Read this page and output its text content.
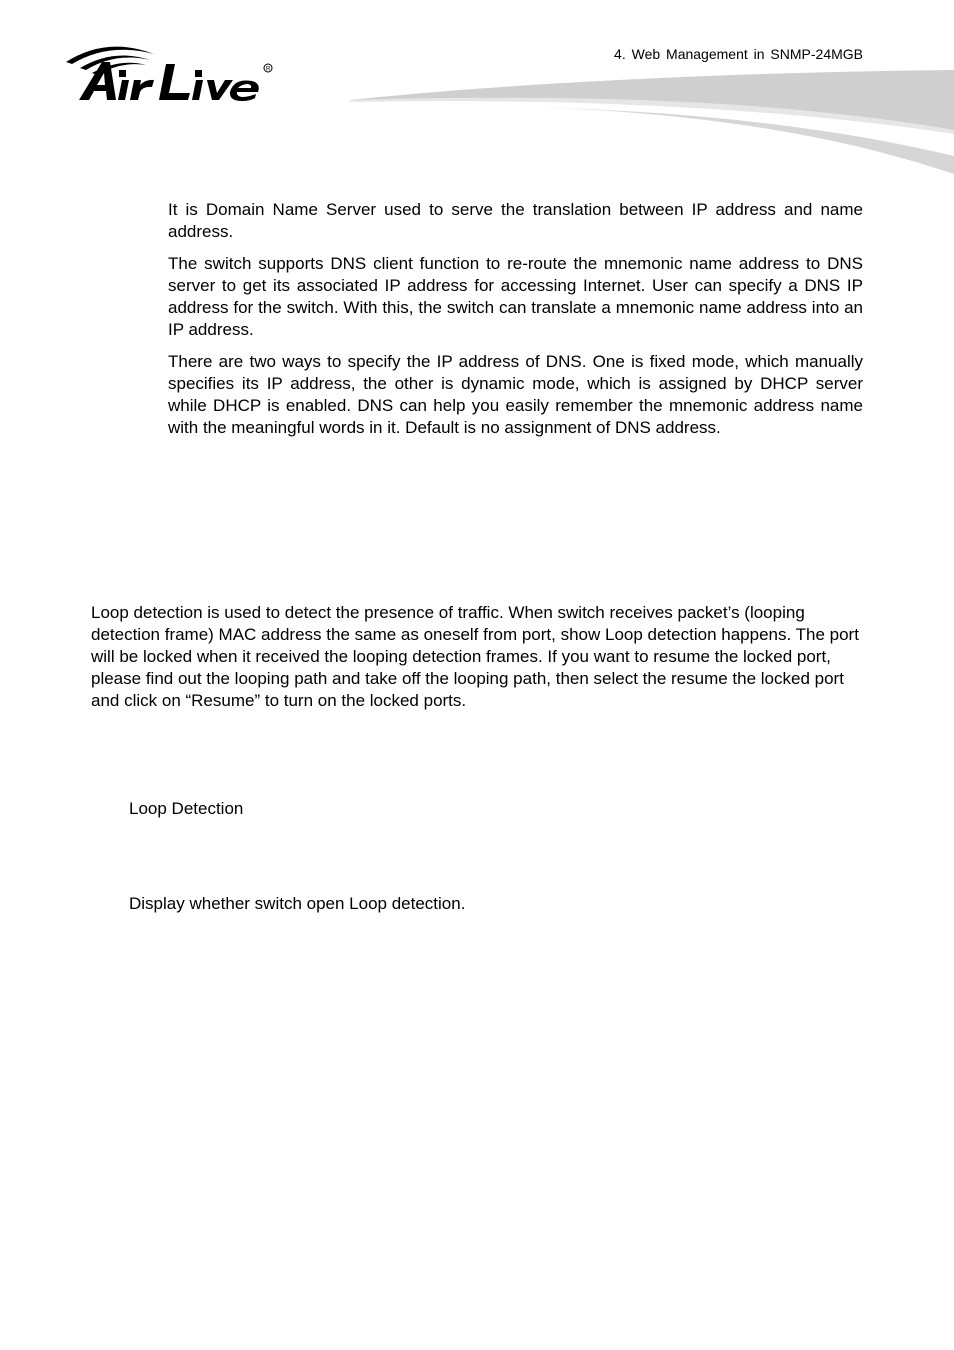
R
4. Web Management in SNMP-24MGB

It is Domain Name Server used to serve the translation between IP address and name address.

The switch supports DNS client function to re-route the mnemonic name address to DNS server to get its associated IP address for accessing Internet. User can specify a DNS IP address for the switch. With this, the switch can translate a mnemonic name address into an IP address.

There are two ways to specify the IP address of DNS. One is fixed mode, which manually specifies its IP address, the other is dynamic mode, which is assigned by DHCP server while DHCP is enabled. DNS can help you easily remember the mnemonic address name with the meaningful words in it. Default is no assignment of DNS address.

Loop detection is used to detect the presence of traffic. When switch receives packet’s (looping detection frame) MAC address the same as oneself from port, show Loop detection happens. The port will be locked when it received the looping detection frames. If you want to resume the locked port, please find out the looping path and take off the looping path, then select the resume the locked port and click on “Resume” to turn on the locked ports.

Loop Detection

Display whether switch open Loop detection.
